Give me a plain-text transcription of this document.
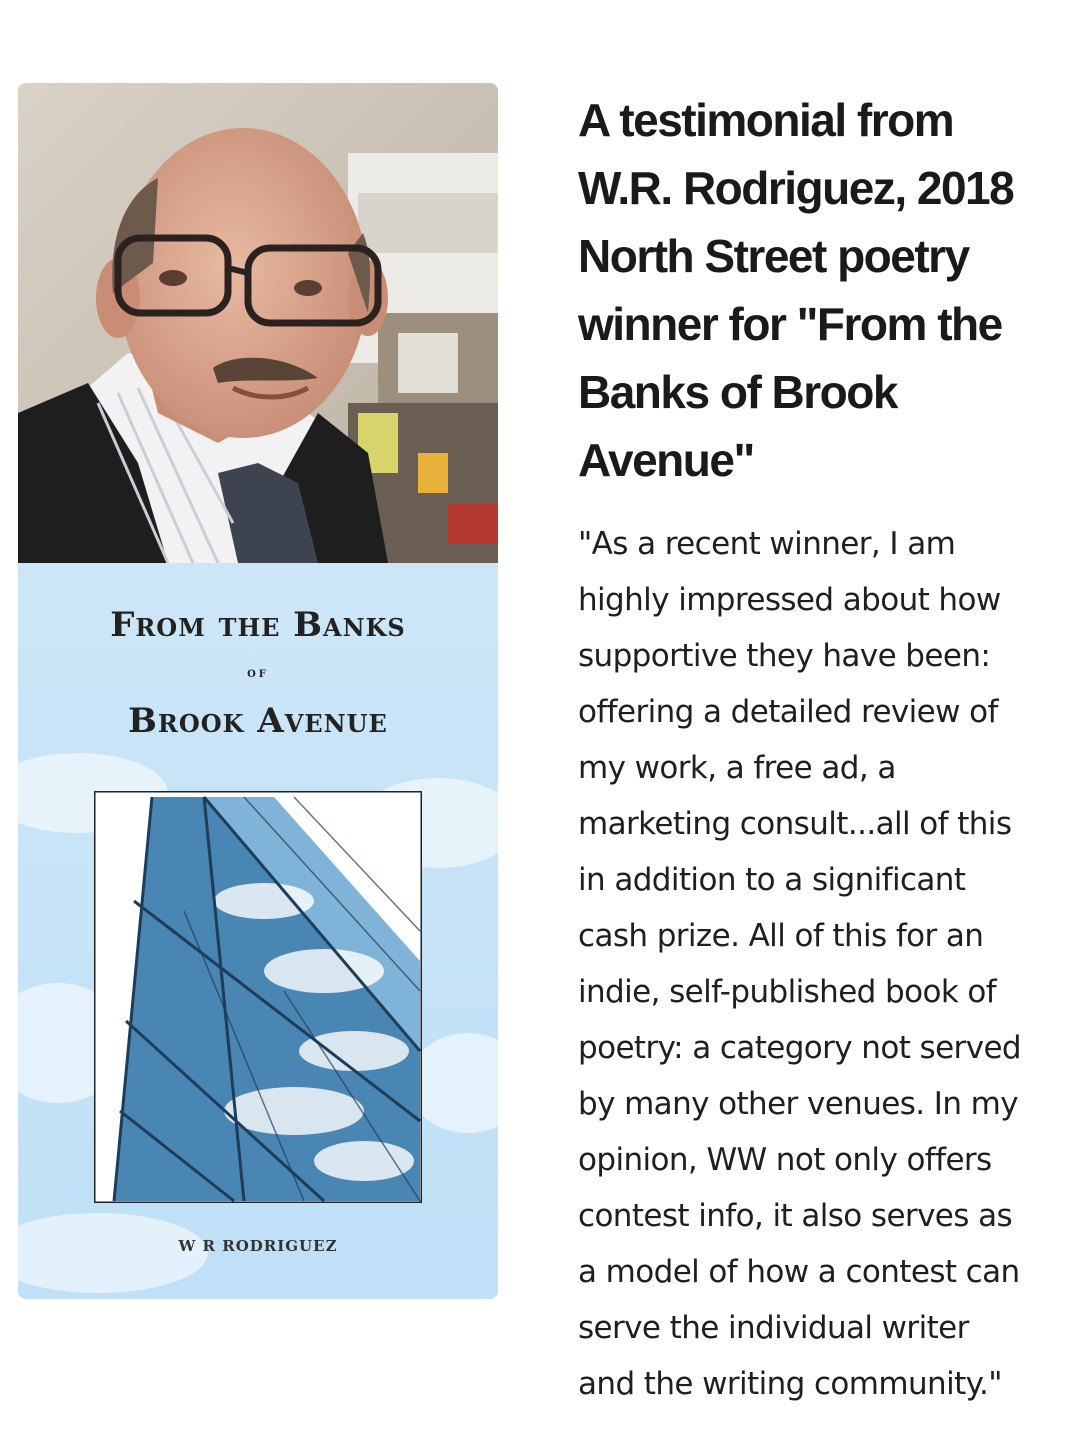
From the Banks
of
Brook Avenue
W R RODRIGUEZ
A testimonial from
W.R. Rodriguez, 2018
North Street poetry
winner for "From the
Banks of Brook
Avenue"
"As a recent winner, I am
highly impressed about how
supportive they have been:
offering a detailed review of
my work, a free ad, a
marketing consult...all of this
in addition to a significant
cash prize. All of this for an
indie, self-published book of
poetry: a category not served
by many other venues. In my
opinion, WW not only offers
contest info, it also serves as
a model of how a contest can
serve the individual writer
and the writing community."
